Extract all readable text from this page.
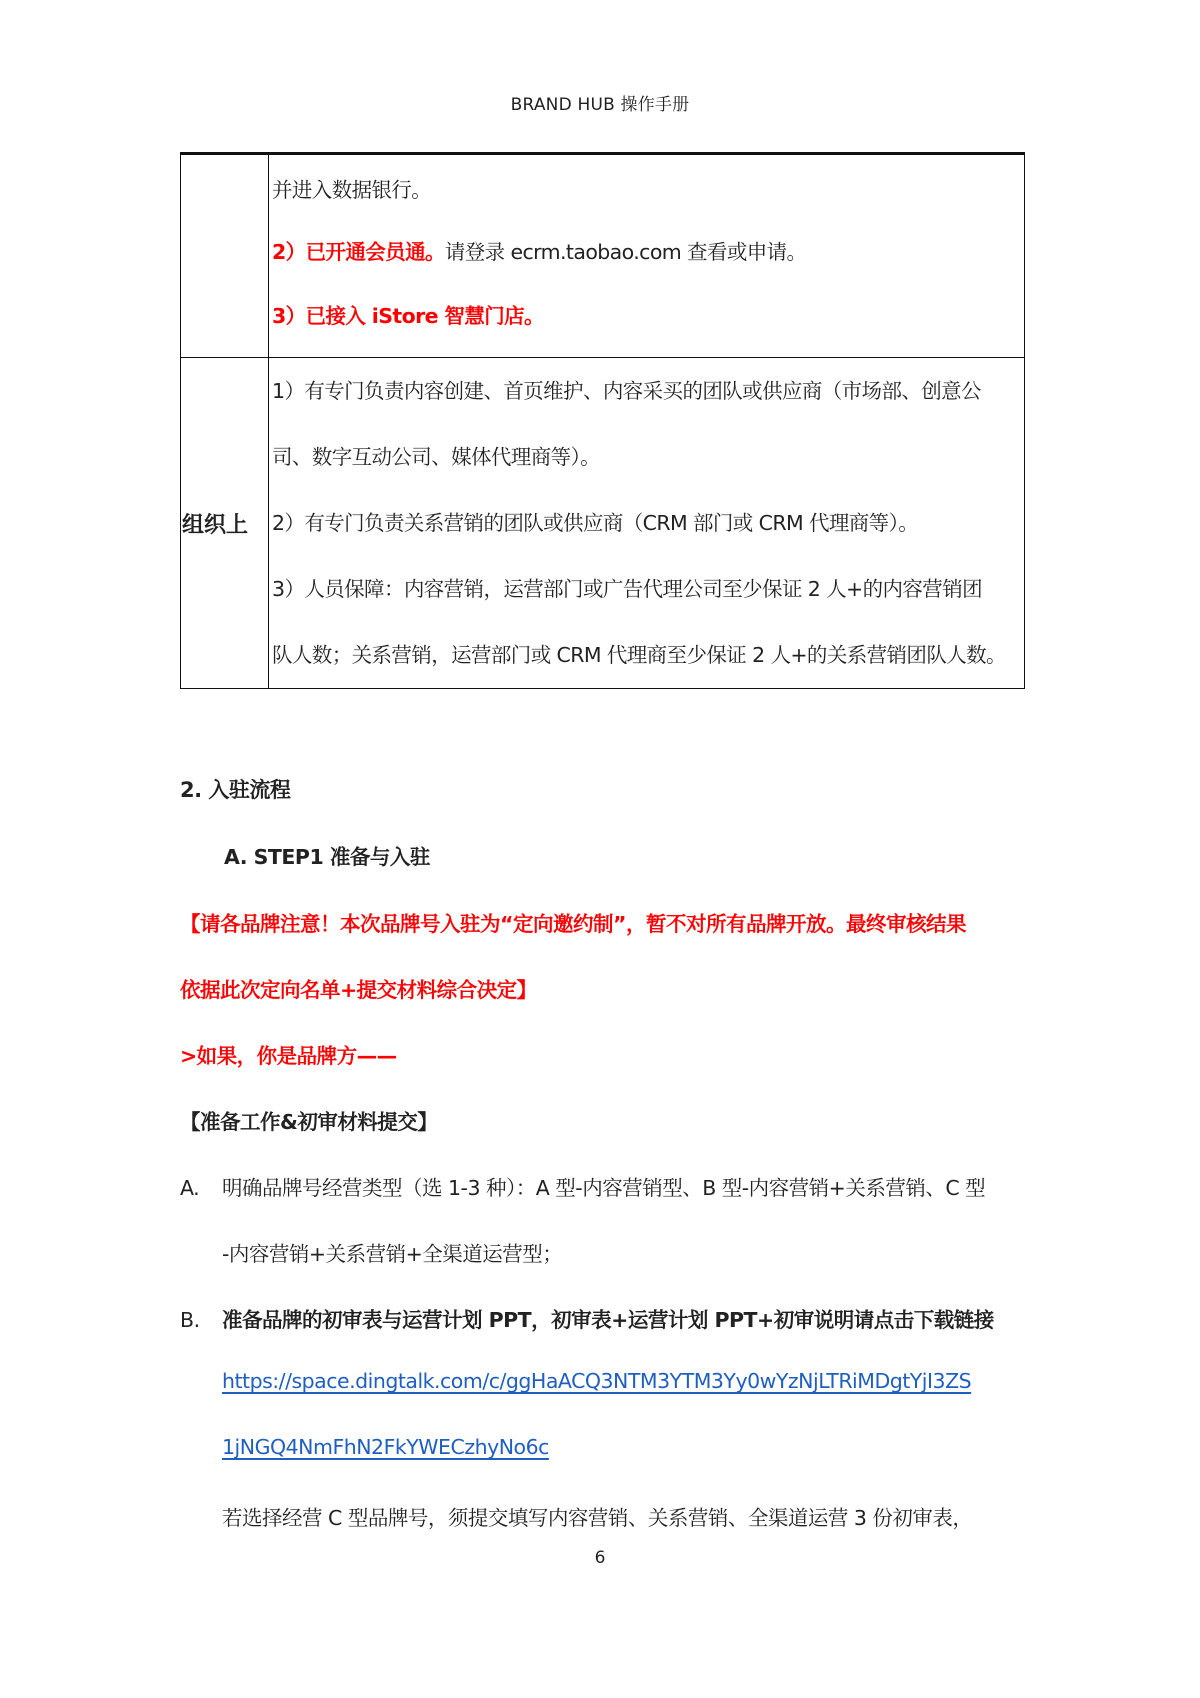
BRAND HUB 操作手册

	并进入数据银行。
2）已开通会员通。请登录 ecrm.taobao.com 查看或申请。
3）已接入 iStore 智慧门店。

组织上	1）有专门负责内容创建、首页维护、内容采买的团队或供应商（市场部、创意公
司、数字互动公司、媒体代理商等）。
2）有专门负责关系营销的团队或供应商（CRM 部门或 CRM 代理商等）。
3）人员保障：内容营销，运营部门或广告代理公司至少保证 2 人+的内容营销团
队人数；关系营销，运营部门或 CRM 代理商至少保证 2 人+的关系营销团队人数。
2. 入驻流程
A. STEP1 准备与入驻
【请各品牌注意！本次品牌号入驻为“定向邀约制”，暂不对所有品牌开放。最终审核结果
依据此次定向名单+提交材料综合决定】
>如果，你是品牌方——
【准备工作&初审材料提交】
A. 明确品牌号经营类型（选 1-3 种）：A 型-内容营销型、B 型-内容营销+关系营销、C 型
-内容营销+关系营销+全渠道运营型；
B. 准备品牌的初审表与运营计划 PPT，初审表+运营计划 PPT+初审说明请点击下载链接
https://space.dingtalk.com/c/ggHaACQ3NTM3YTM3Yy0wYzNjLTRiMDgtYjI3ZS
1jNGQ4NmFhN2FkYWECzhyNo6c
若选择经营 C 型品牌号，须提交填写内容营销、关系营销、全渠道运营 3 份初审表，
6
